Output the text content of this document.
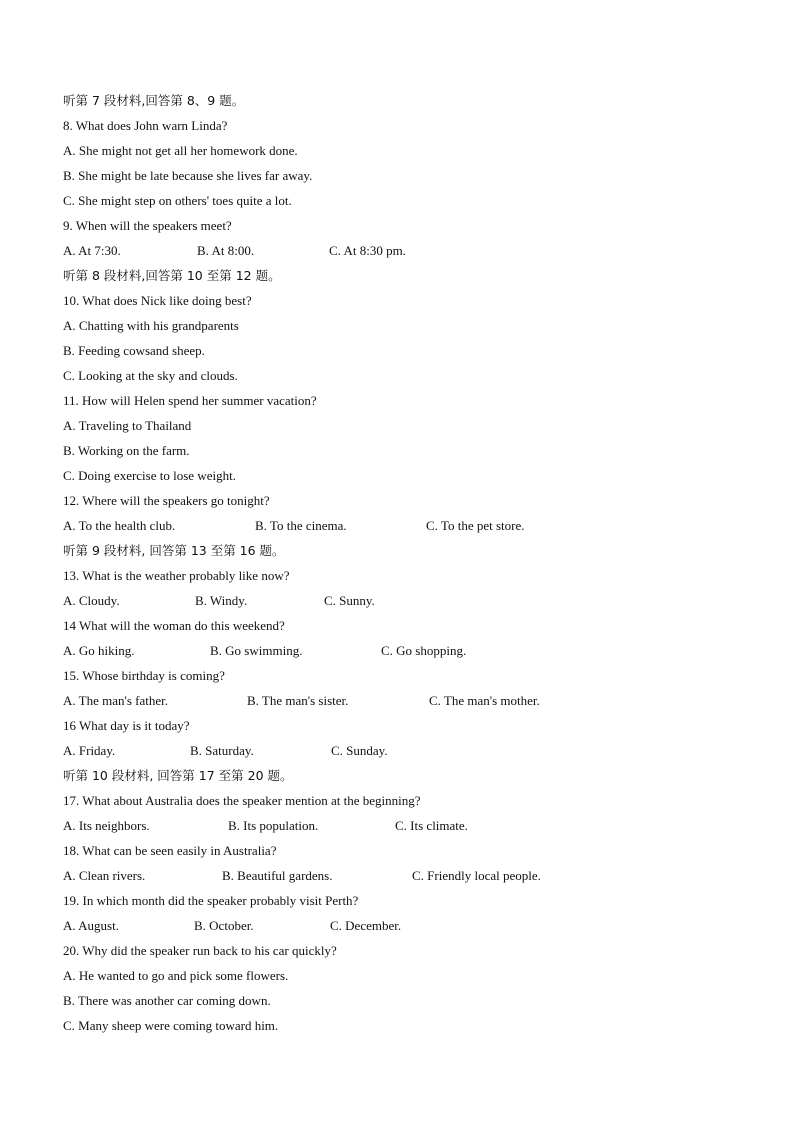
听第 7 段材料,回答第 8、9 题。
8. What does John warn Linda?
A. She might not get all her homework done.
B. She might be late because she lives far away.
C. She might step on others' toes quite a lot.
9. When will the speakers meet?
A. At 7:30.	B. At 8:00.	C. At 8:30 pm.
听第 8 段材料,回答第 10 至第 12 题。
10. What does Nick like doing best?
A. Chatting with his grandparents
B. Feeding cowsand sheep.
C. Looking at the sky and clouds.
11. How will Helen spend her summer vacation?
A. Traveling to Thailand
B. Working on the farm.
C. Doing exercise to lose weight.
12. Where will the speakers go tonight?
A. To the health club.	B. To the cinema.	C. To the pet store.
听第 9 段材料, 回答第 13 至第 16 题。
13. What is the weather probably like now?
A. Cloudy.	B. Windy.	C. Sunny.
14 What will the woman do this weekend?
A. Go hiking.	B. Go swimming.	C. Go shopping.
15. Whose birthday is coming?
A. The man's father.	B. The man's sister.	C. The man's mother.
16 What day is it today?
A. Friday.	B. Saturday.	C. Sunday.
听第 10 段材料, 回答第 17 至第 20 题。
17. What about Australia does the speaker mention at the beginning?
A. Its neighbors.	B. Its population.	C. Its climate.
18. What can be seen easily in Australia?
A. Clean rivers.	B. Beautiful gardens.	C. Friendly local people.
19. In which month did the speaker probably visit Perth?
A. August.	B. October.	C. December.
20. Why did the speaker run back to his car quickly?
A. He wanted to go and pick some flowers.
B. There was another car coming down.
C. Many sheep were coming toward him.
